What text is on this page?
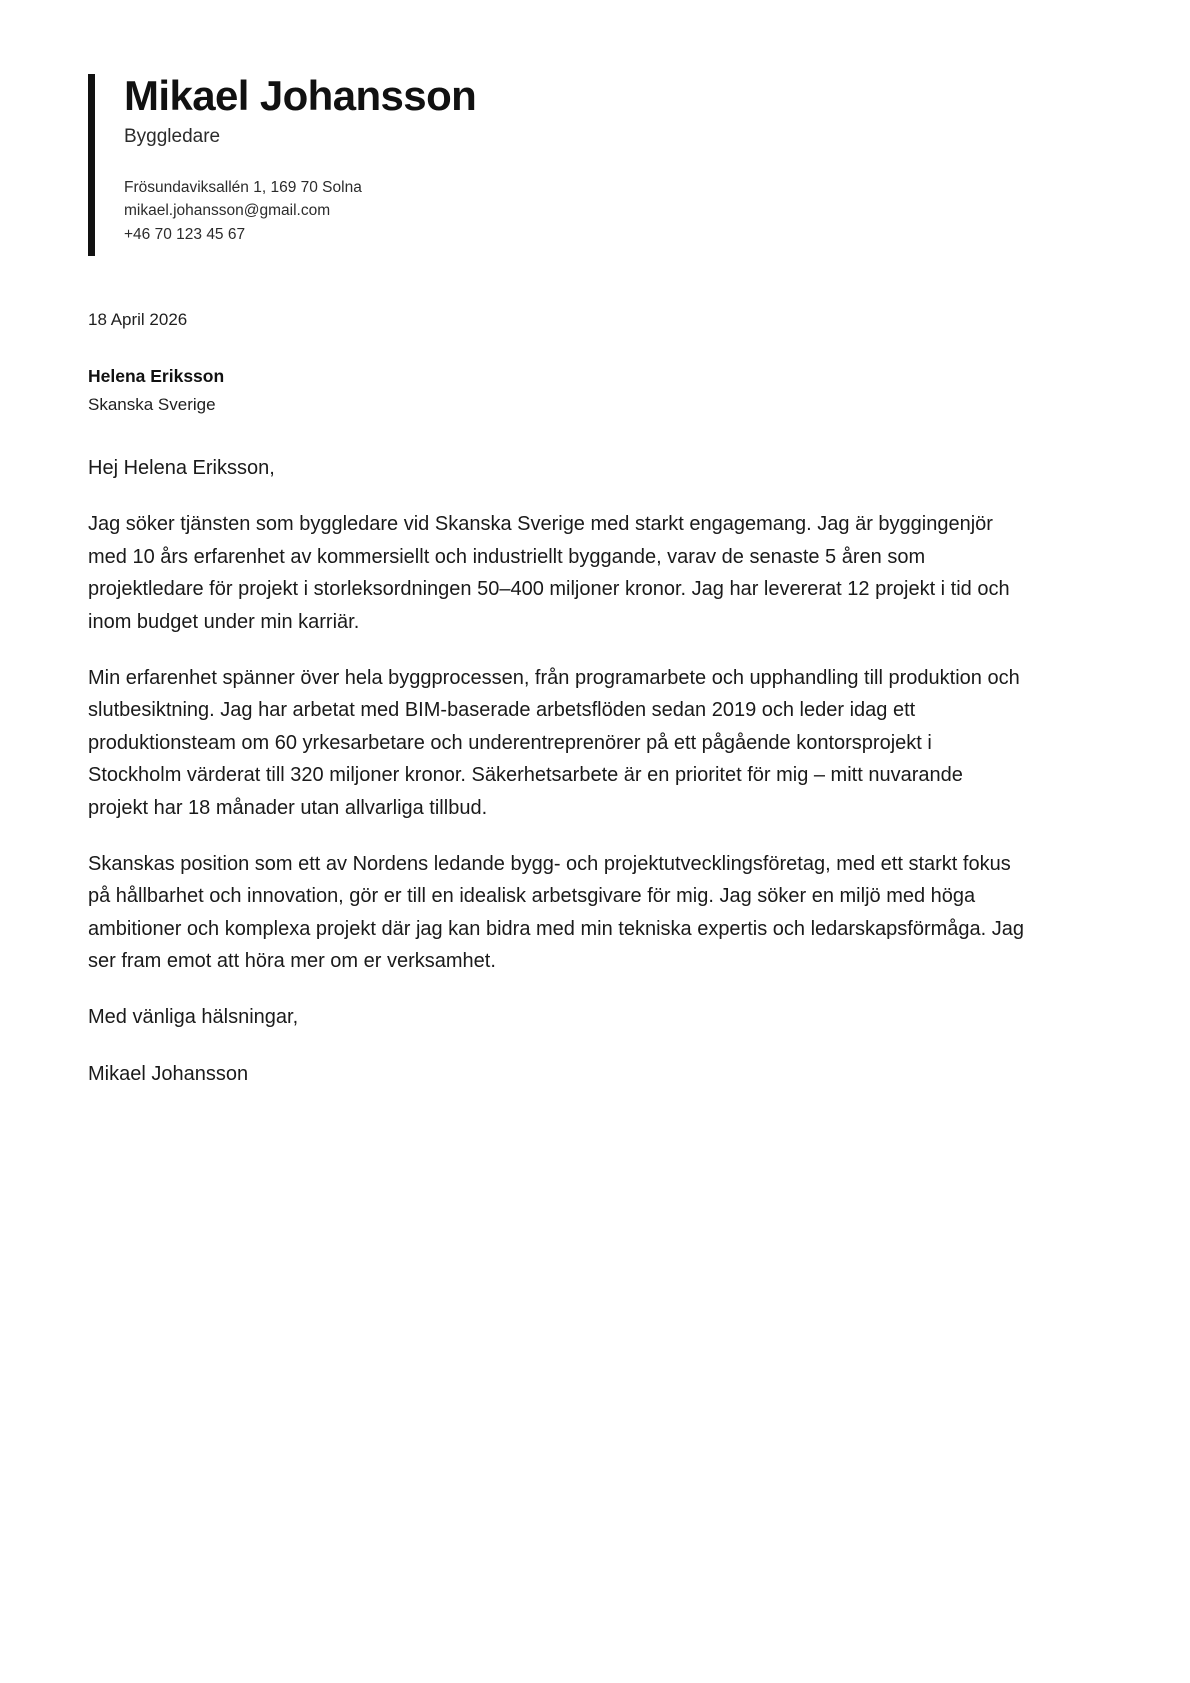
Mikael Johansson
Byggledare
Frösundaviksallén 1, 169 70 Solna
mikael.johansson@gmail.com
+46 70 123 45 67
18 April 2026
Helena Eriksson
Skanska Sverige

Hej Helena Eriksson,

Jag söker tjänsten som byggledare vid Skanska Sverige med starkt engagemang. Jag är byggingenjör med 10 års erfarenhet av kommersiellt och industriellt byggande, varav de senaste 5 åren som projektledare för projekt i storleksordningen 50–400 miljoner kronor. Jag har levererat 12 projekt i tid och inom budget under min karriär.

Min erfarenhet spänner över hela byggprocessen, från programarbete och upphandling till produktion och slutbesiktning. Jag har arbetat med BIM-baserade arbetsflöden sedan 2019 och leder idag ett produktionsteam om 60 yrkesarbetare och underentreprenörer på ett pågående kontorsprojekt i Stockholm värderat till 320 miljoner kronor. Säkerhetsarbete är en prioritet för mig – mitt nuvarande projekt har 18 månader utan allvarliga tillbud.

Skanskas position som ett av Nordens ledande bygg- och projektutvecklingsföretag, med ett starkt fokus på hållbarhet och innovation, gör er till en idealisk arbetsgivare för mig. Jag söker en miljö med höga ambitioner och komplexa projekt där jag kan bidra med min tekniska expertis och ledarskapsförmåga. Jag ser fram emot att höra mer om er verksamhet.

Med vänliga hälsningar,

Mikael Johansson
